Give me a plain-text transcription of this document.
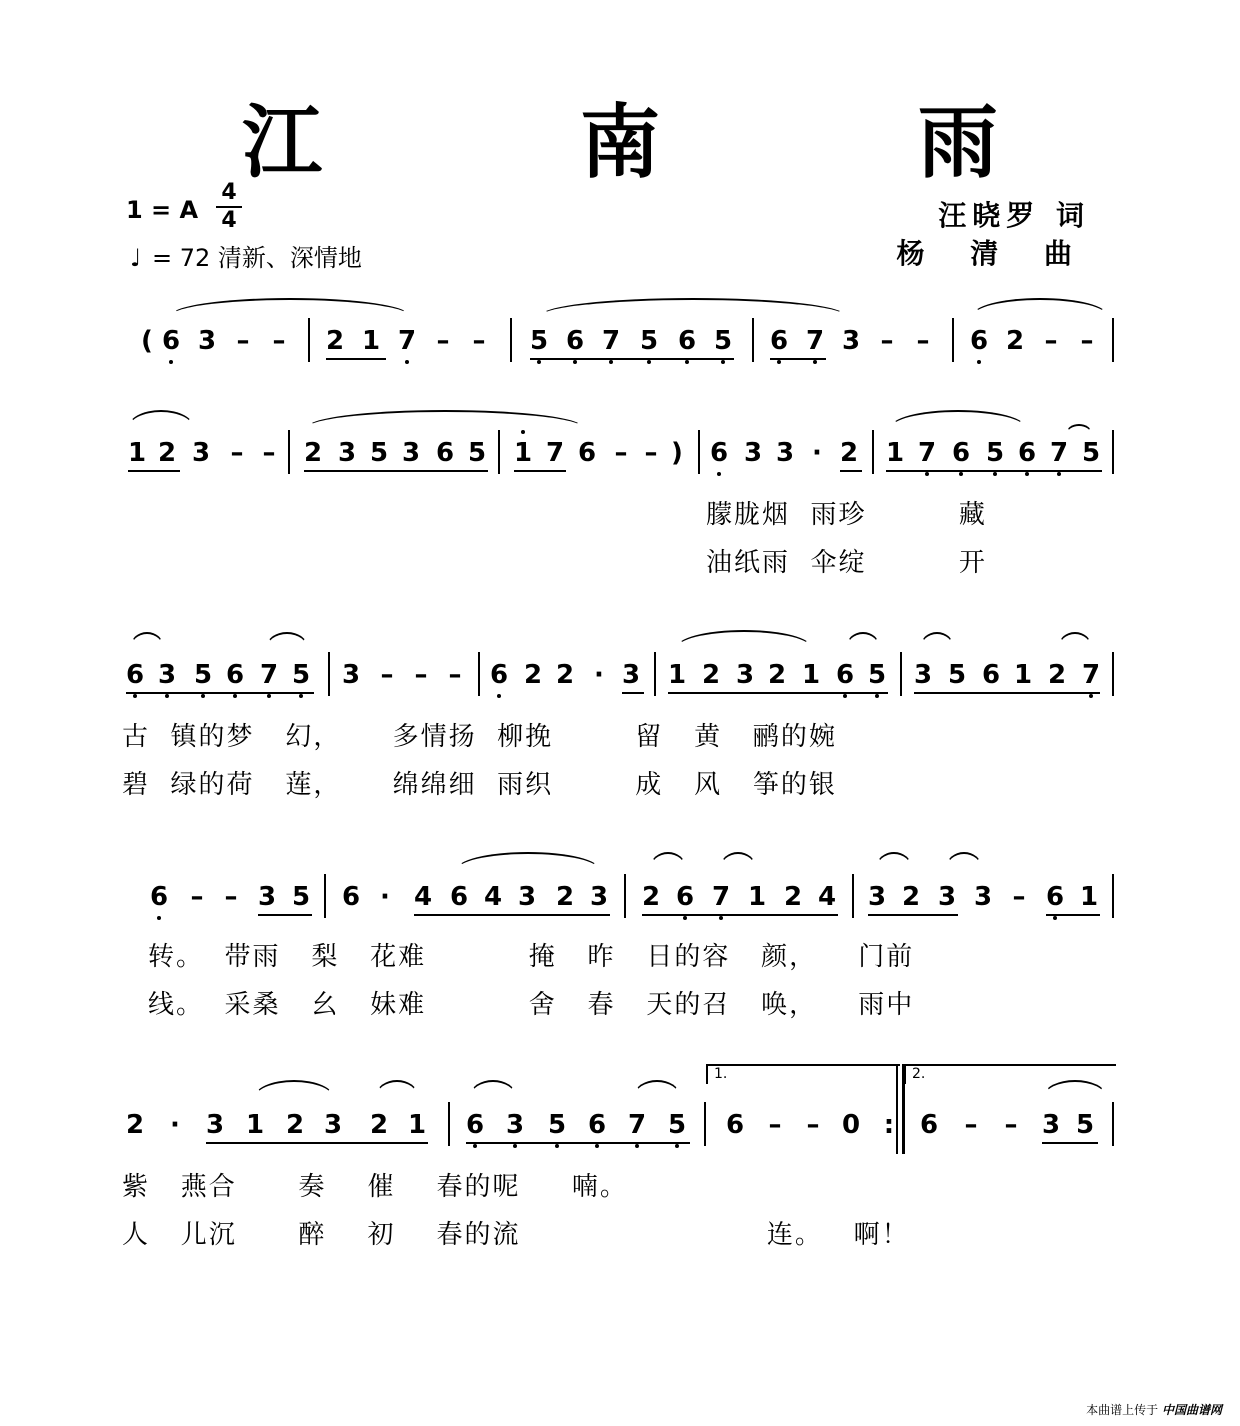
江 南 雨
1 = A
4
4
♩ = 72 清新、深情地
汪晓罗 词
杨 清 曲
( 6 3 – – 2 1 7 – – 5 6 7 5 6 5 6 7 3 – – 6 2 – –
1 2 3 – – 2 3 5 3 6 5 1 7 6 – – ) 6 3 3 · 2 1 7 6 5 6 7 5
朦胧烟  雨珍         藏
油纸雨  伞绽         开
6 3 5 6 7 5 3 – – – 6 2 2 · 3 1 2 3 2 1 6 5 3 5 6 1 2 7
古  镇的梦   幻，     多情扬  柳挽        留   黄   鹂的婉
碧  绿的荷   莲，     绵绵细  雨织        成   风   筝的银
6 – – 3 5 6 · 4 6 4 3 2 3 2 6 7 1 2 4 3 2 3 3 – 6 1
转。  带雨   梨   花难          掩   昨   日的容   颜，    门前
线。  采桑   幺   妹难          舍   春   天的召   唤，    雨中
2 · 3 1 2 3 2 1 6 3 5 6 7 5
1.
6 – – 0 :
2.
6 – – 3 5
紫   燕合      奏    催    春的呢     喃。
人   儿沉      醉    初    春的流                        连。   啊！
本曲谱上传于 中国曲谱网
